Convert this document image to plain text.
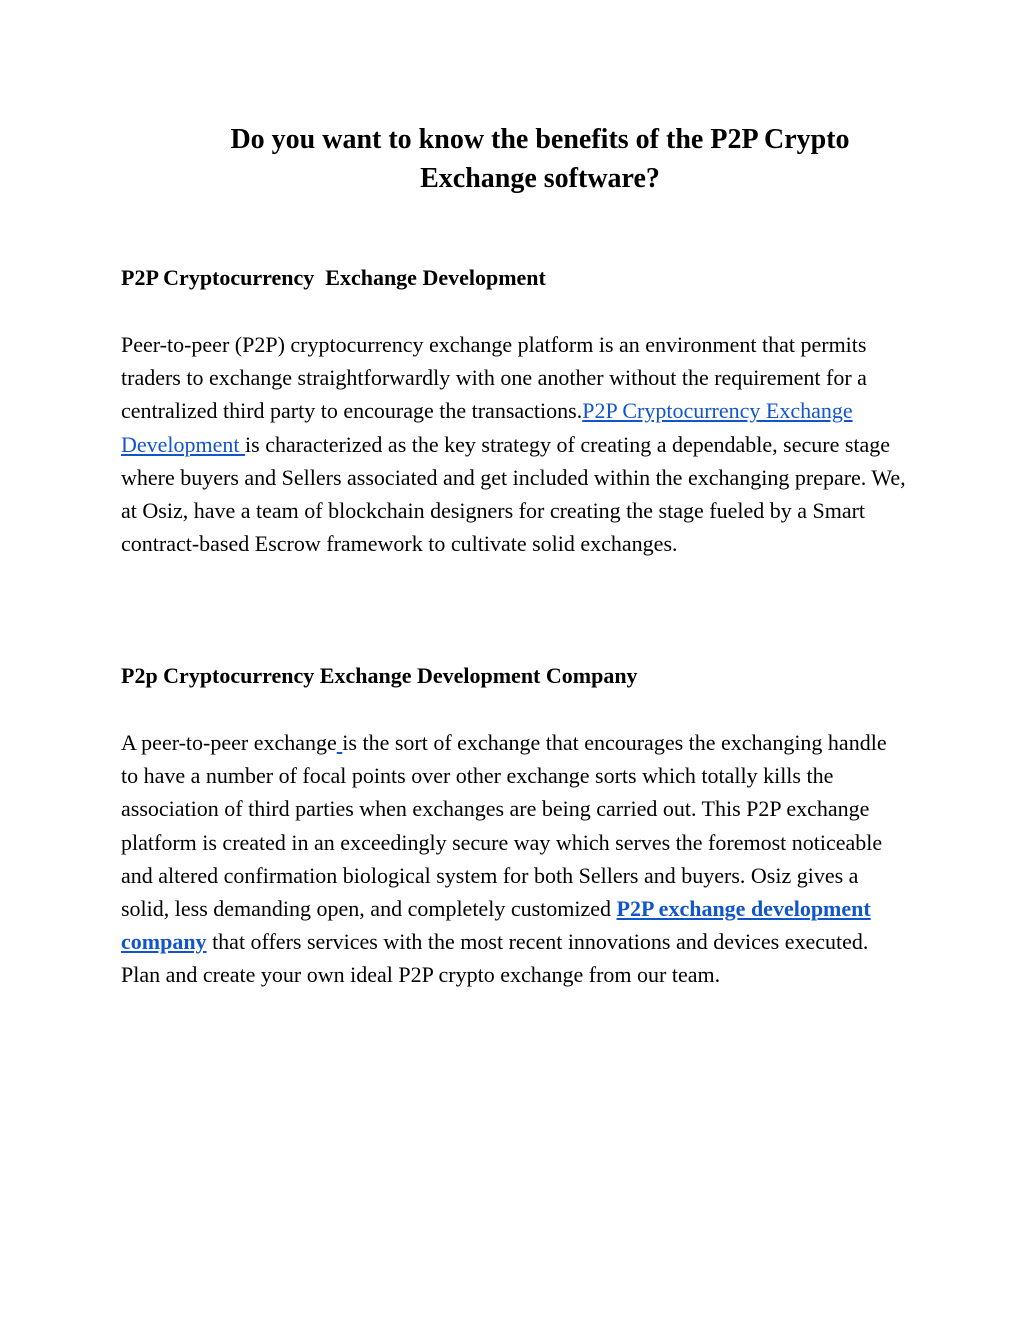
Do you want to know the benefits of the P2P Crypto Exchange software?
P2P Cryptocurrency  Exchange Development

Peer-to-peer (P2P) cryptocurrency exchange platform is an environment that permits traders to exchange straightforwardly with one another without the requirement for a centralized third party to encourage the transactions.P2P Cryptocurrency Exchange Development is characterized as the key strategy of creating a dependable, secure stage where buyers and Sellers associated and get included within the exchanging prepare. We, at Osiz, have a team of blockchain designers for creating the stage fueled by a Smart contract-based Escrow framework to cultivate solid exchanges.

P2p Cryptocurrency Exchange Development Company

A peer-to-peer exchange is the sort of exchange that encourages the exchanging handle to have a number of focal points over other exchange sorts which totally kills the association of third parties when exchanges are being carried out. This P2P exchange platform is created in an exceedingly secure way which serves the foremost noticeable and altered confirmation biological system for both Sellers and buyers. Osiz gives a solid, less demanding open, and completely customized P2P exchange development company that offers services with the most recent innovations and devices executed. Plan and create your own ideal P2P crypto exchange from our team.
